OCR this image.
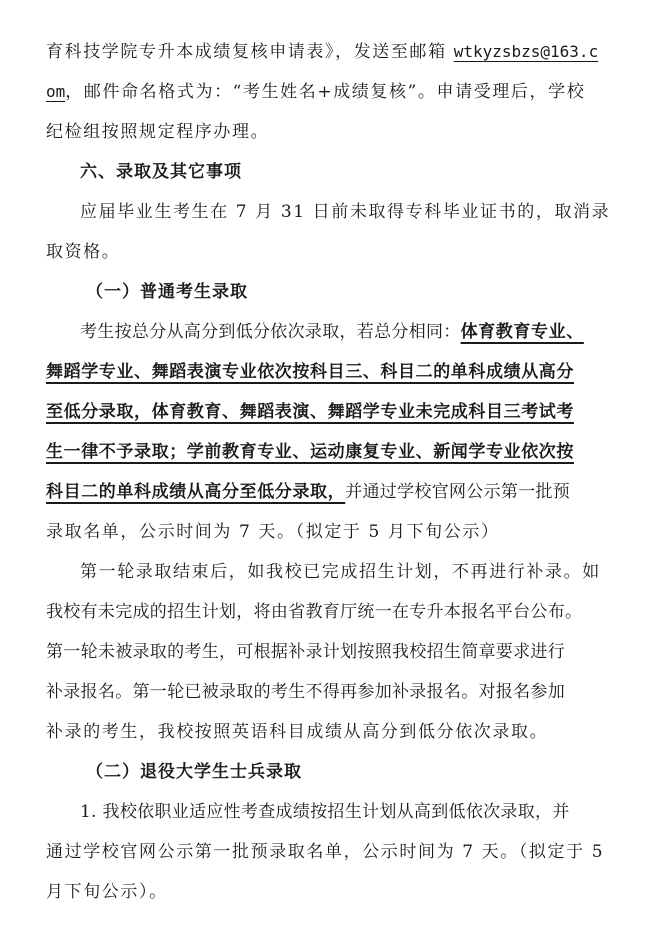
育科技学院专升本成绩复核申请表》，发送至邮箱 wtkyzsbzs@163.c
om，邮件命名格式为：“考生姓名+成绩复核”。申请受理后，学校
纪检组按照规定程序办理。
六、录取及其它事项
应届毕业生考生在 7 月 31 日前未取得专科毕业证书的，取消录
取资格。
（一）普通考生录取
考生按总分从高分到低分依次录取，若总分相同：体育教育专业、
舞蹈学专业、舞蹈表演专业依次按科目三、科目二的单科成绩从高分
至低分录取，体育教育、舞蹈表演、舞蹈学专业未完成科目三考试考
生一律不予录取；学前教育专业、运动康复专业、新闻学专业依次按
科目二的单科成绩从高分至低分录取，并通过学校官网公示第一批预
录取名单，公示时间为 7 天。（拟定于 5 月下旬公示）
第一轮录取结束后，如我校已完成招生计划，不再进行补录。如
我校有未完成的招生计划，将由省教育厅统一在专升本报名平台公布。
第一轮未被录取的考生，可根据补录计划按照我校招生简章要求进行
补录报名。第一轮已被录取的考生不得再参加补录报名。对报名参加
补录的考生，我校按照英语科目成绩从高分到低分依次录取。
（二）退役大学生士兵录取
1. 我校依职业适应性考查成绩按招生计划从高到低依次录取，并
通过学校官网公示第一批预录取名单，公示时间为 7 天。（拟定于 5
月下旬公示）。
